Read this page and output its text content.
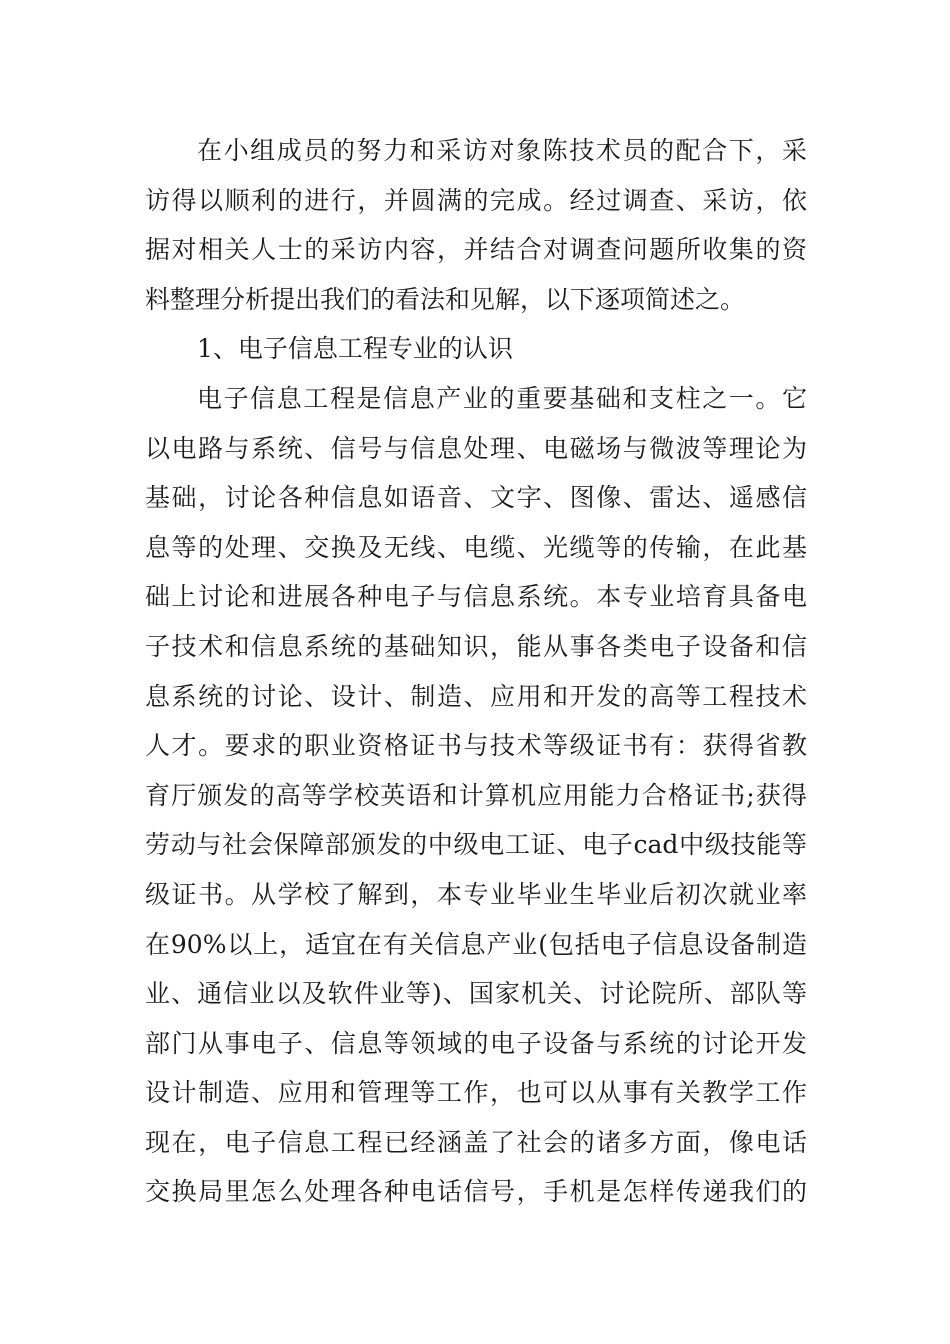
在小组成员的努力和采访对象陈技术员的配合下，采
访得以顺利的进行，并圆满的完成。经过调查、采访，依
据对相关人士的采访内容，并结合对调查问题所收集的资
料整理分析提出我们的看法和见解，以下逐项简述之。
1、电子信息工程专业的认识
电子信息工程是信息产业的重要基础和支柱之一。它
以电路与系统、信号与信息处理、电磁场与微波等理论为
基础，讨论各种信息如语音、文字、图像、雷达、遥感信
息等的处理、交换及无线、电缆、光缆等的传输，在此基
础上讨论和进展各种电子与信息系统。本专业培育具备电
子技术和信息系统的基础知识，能从事各类电子设备和信
息系统的讨论、设计、制造、应用和开发的高等工程技术
人才。要求的职业资格证书与技术等级证书有：获得省教
育厅颁发的高等学校英语和计算机应用能力合格证书;获得
劳动与社会保障部颁发的中级电工证、电子cad中级技能等
级证书。从学校了解到，本专业毕业生毕业后初次就业率
在90%以上，适宜在有关信息产业(包括电子信息设备制造
业、通信业以及软件业等)、国家机关、讨论院所、部队等
部门从事电子、信息等领域的电子设备与系统的讨论开发
设计制造、应用和管理等工作，也可以从事有关教学工作
现在，电子信息工程已经涵盖了社会的诸多方面，像电话
交换局里怎么处理各种电话信号，手机是怎样传递我们的
